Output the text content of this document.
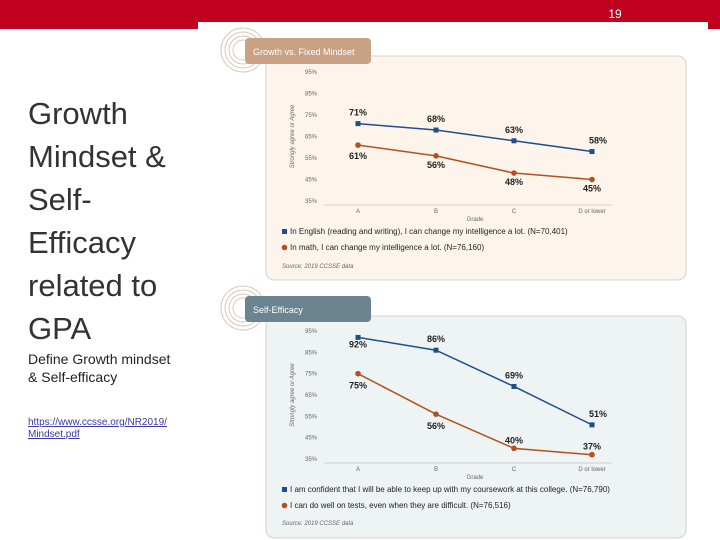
19
Growth Mindset & Self-Efficacy related to GPA
Define Growth mindset & Self-efficacy
https://www.ccsse.org/NR2019/Mindset.pdf
Growth vs. Fixed Mindset
95%
85%
75%
65%
55%
45%
35%
Strongly agree or Agree
A	B	C	D or lower
Grade
71%
68%
63%
58%
61%
56%
48%
45%
In English (reading and writing), I can change my intelligence a lot. (N=70,401)
In math, I can change my intelligence a lot. (N=76,160)
Source: 2019 CCSSE data
Self-Efficacy
95%
85%
75%
65%
55%
45%
35%
Strongly agree or Agree
A	B	C	D or lower
Grade
92%
86%
69%
51%
75%
56%
40%
37%
I am confident that I will be able to keep up with my coursework at this college. (N=76,790)
I can do well on tests, even when they are difficult. (N=76,516)
Source: 2019 CCSSE data
